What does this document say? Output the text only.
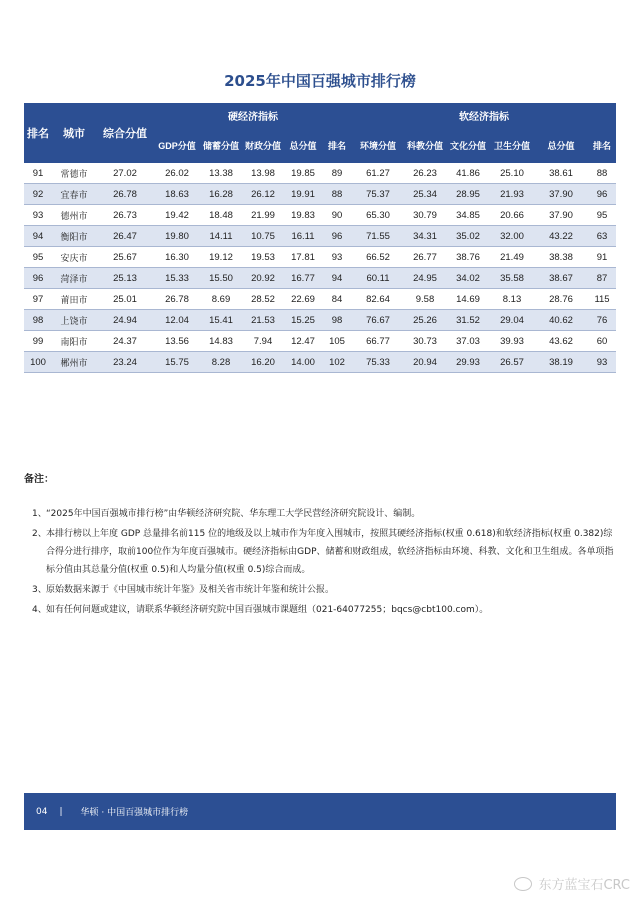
2025年中国百强城市排行榜
排名	城市	综合分值	硬经济指标					软经济指标					
			GDP分值	储蓄分值	财政分值	总分值	排名	环境分值	科教分值	文化分值	卫生分值	总分值	排名
91	常德市	27.02	26.02	13.38	13.98	19.85	89	61.27	26.23	41.86	25.10	38.61	88
92	宜春市	26.78	18.63	16.28	26.12	19.91	88	75.37	25.34	28.95	21.93	37.90	96
93	德州市	26.73	19.42	18.48	21.99	19.83	90	65.30	30.79	34.85	20.66	37.90	95
94	衡阳市	26.47	19.80	14.11	10.75	16.11	96	71.55	34.31	35.02	32.00	43.22	63
95	安庆市	25.67	16.30	19.12	19.53	17.81	93	66.52	26.77	38.76	21.49	38.38	91
96	菏泽市	25.13	15.33	15.50	20.92	16.77	94	60.11	24.95	34.02	35.58	38.67	87
97	莆田市	25.01	26.78	8.69	28.52	22.69	84	82.64	9.58	14.69	8.13	28.76	115
98	上饶市	24.94	12.04	15.41	21.53	15.25	98	76.67	25.26	31.52	29.04	40.62	76
99	南阳市	24.37	13.56	14.83	7.94	12.47	105	66.77	30.73	37.03	39.93	43.62	60
100	郴州市	23.24	15.75	8.28	16.20	14.00	102	75.33	20.94	29.93	26.57	38.19	93
备注：
1、 “2025年中国百强城市排行榜”由华顿经济研究院、华东理工大学民营经济研究院设计、编制。
2、 本排行榜以上年度 GDP 总量排名前115 位的地级及以上城市作为年度入围城市，按照其硬经济指标(权重 0.618)和软经济指标(权重 0.382)综合得分进行排序，取前100位作为年度百强城市。硬经济指标由GDP、储蓄和财政组成，软经济指标由环境、科教、文化和卫生组成。各单项指标分值由其总量分值(权重 0.5)和人均量分值(权重 0.5)综合而成。
3、 原始数据来源于《中国城市统计年鉴》及相关省市统计年鉴和统计公报。
4、 如有任何问题或建议，请联系华顿经济研究院中国百强城市课题组（021-64077255；bqcs@cbt100.com）。
04 | 华顿 · 中国百强城市排行榜
东方蓝宝石CRC
